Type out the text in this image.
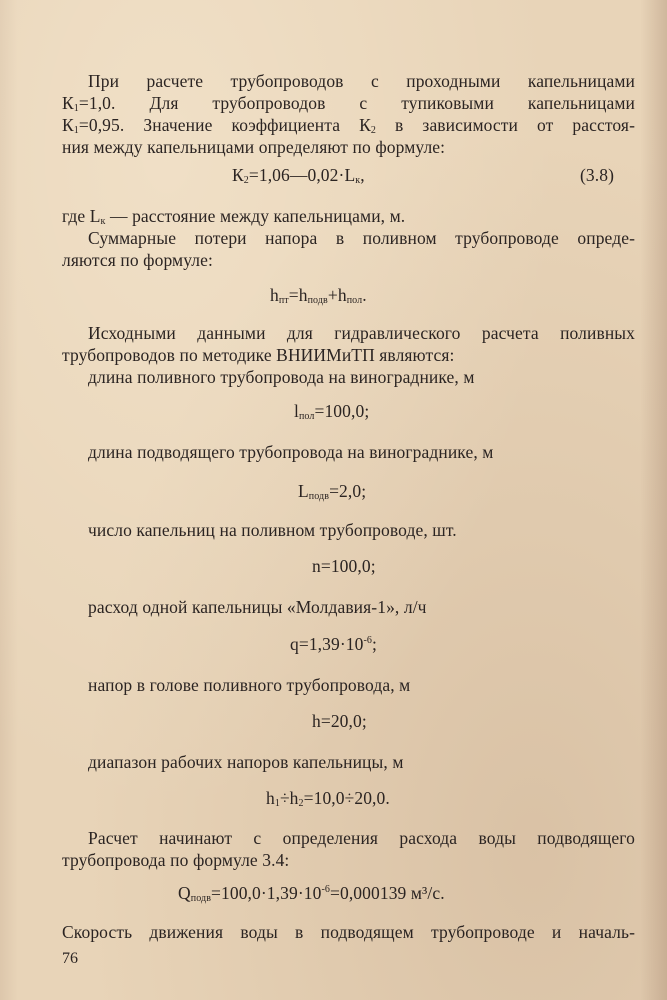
При расчете трубопроводов с проходными капельницами
$К_1=1,0$. Для трубопроводов с тупиковыми капельницами
$К_1=0,95$. Значение коэффициента $К_2$ в зависимости от расстоя-
ния между капельницами определяют по формуле:
$К_2=1,06—0,02\cdot L_к$,	(3.8)
где $L_к$ — расстояние между капельницами, м.
Суммарные потери напора в поливном трубопроводе опреде-
ляются по формуле:
$h_{пт}=h_{подв}+h_{пол}$.
Исходными данными для гидравлического расчета поливных
трубопроводов по методике ВНИИМиТП являются:
длина поливного трубопровода на винограднике, м
$l_{пол}=100,0$;
длина подводящего трубопровода на винограднике, м
$L_{подв}=2,0$;
число капельниц на поливном трубопроводе, шт.
n=100,0;
расход одной капельницы «Молдавия-1», л/ч
$q=1,39\cdot 10^{-6}$;
напор в голове поливного трубопровода, м
h=20,0;
диапазон рабочих напоров капельницы, м
$h_1\div h_2=10,0\div 20,0$.
Расчет начинают с определения расхода воды подводящего
трубопровода по формуле 3.4:
$Q_{подв}=100,0\cdot 1,39\cdot 10^{-6}=0,000139$ м³/с.
Скорость движения воды в подводящем трубопроводе и началь-
76
